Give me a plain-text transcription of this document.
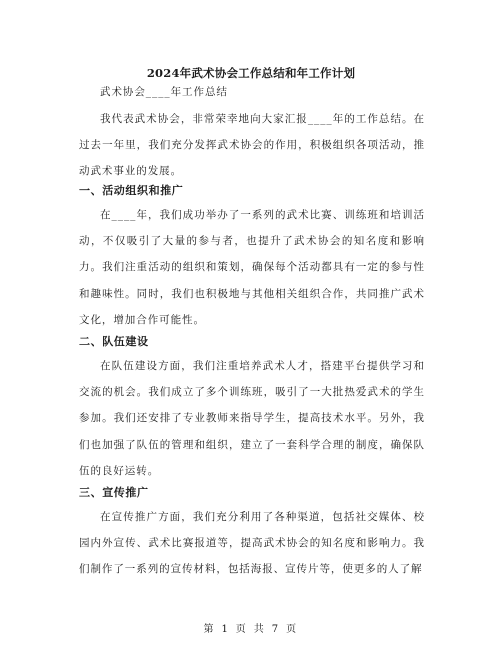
2024年武术协会工作总结和年工作计划

武术协会____年工作总结

我代表武术协会，非常荣幸地向大家汇报____年的工作总结。在过去一年里，我们充分发挥武术协会的作用，积极组织各项活动，推动武术事业的发展。

一、活动组织和推广

在____年，我们成功举办了一系列的武术比赛、训练班和培训活动，不仅吸引了大量的参与者，也提升了武术协会的知名度和影响力。我们注重活动的组织和策划，确保每个活动都具有一定的参与性和趣味性。同时，我们也积极地与其他相关组织合作，共同推广武术文化，增加合作可能性。

二、队伍建设

在队伍建设方面，我们注重培养武术人才，搭建平台提供学习和交流的机会。我们成立了多个训练班，吸引了一大批热爱武术的学生参加。我们还安排了专业教师来指导学生，提高技术水平。另外，我们也加强了队伍的管理和组织，建立了一套科学合理的制度，确保队伍的良好运转。

三、宣传推广

在宣传推广方面，我们充分利用了各种渠道，包括社交媒体、校园内外宣传、武术比赛报道等，提高武术协会的知名度和影响力。我们制作了一系列的宣传材料，包括海报、宣传片等，使更多的人了解

第 1 页 共 7 页
